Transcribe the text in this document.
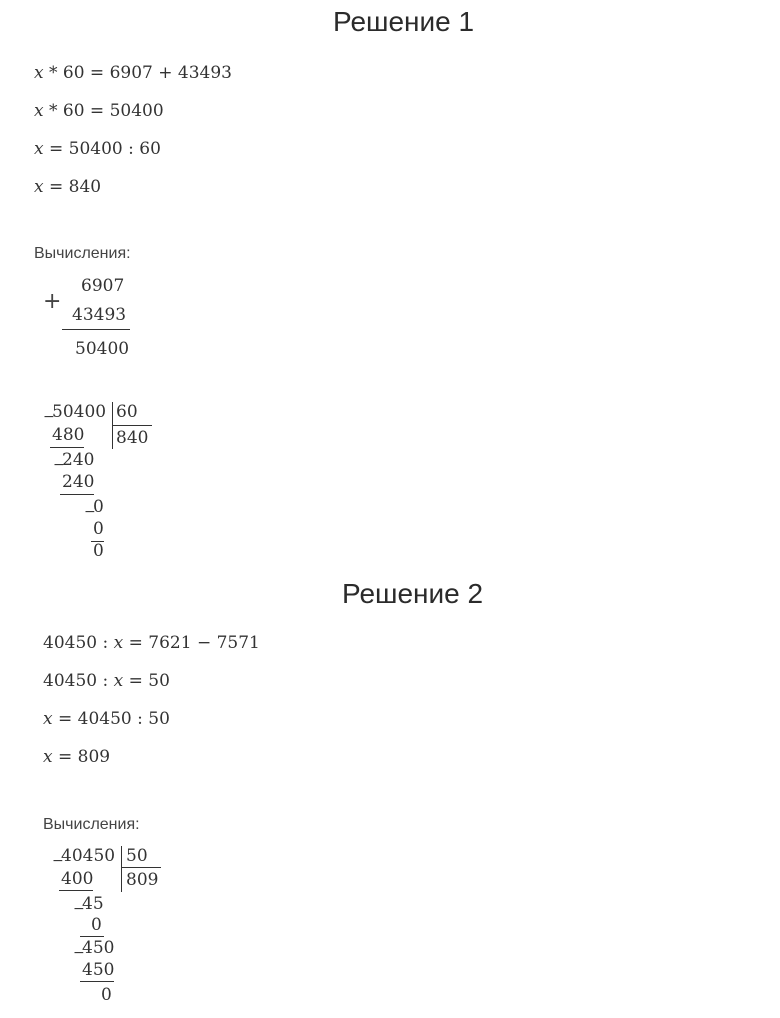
Решение 1
x * 60 = 6907 + 43493
x * 60 = 50400
x = 50400 : 60
x = 840
Вычисления:
+
6907
43493
50400
−
50400 60
840
480
−
240
240
−
0
0
0
Решение 2
40450 : x = 7621 − 7571
40450 : x = 50
x = 40450 : 50
x = 809
Вычисления:
−
40450 50
809
400
−
45
0
−
450
450
0
